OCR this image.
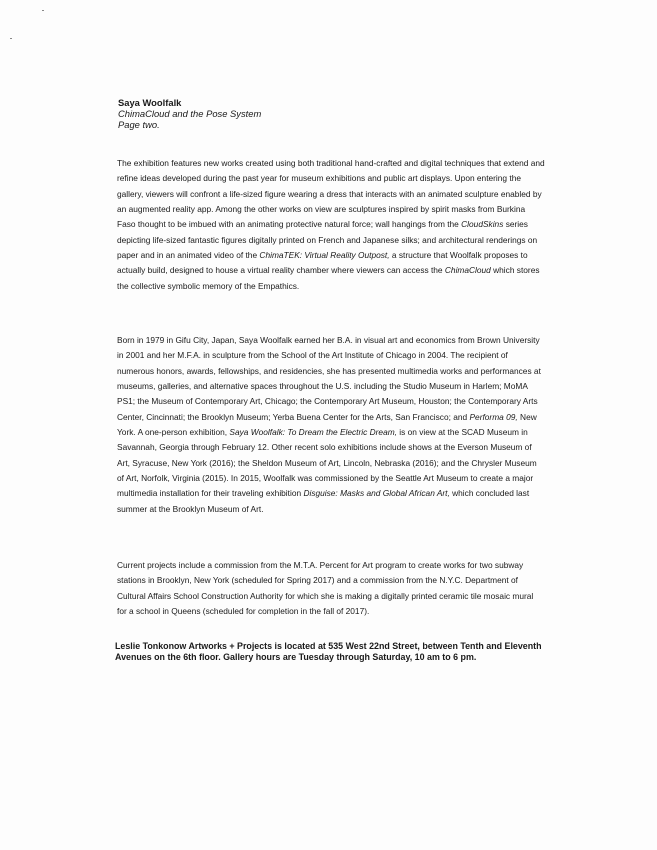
Saya Woolfalk
ChimaCloud and the Pose System
Page two.

The exhibition features new works created using both traditional hand-crafted and digital techniques that extend and refine ideas developed during the past year for museum exhibitions and public art displays. Upon entering the gallery, viewers will confront a life-sized figure wearing a dress that interacts with an animated sculpture enabled by an augmented reality app. Among the other works on view are sculptures inspired by spirit masks from Burkina Faso thought to be imbued with an animating protective natural force; wall hangings from the CloudSkins series depicting life-sized fantastic figures digitally printed on French and Japanese silks; and architectural renderings on paper and in an animated video of the ChimaTEK: Virtual Reality Outpost, a structure that Woolfalk proposes to actually build, designed to house a virtual reality chamber where viewers can access the ChimaCloud which stores the collective symbolic memory of the Empathics.

Born in 1979 in Gifu City, Japan, Saya Woolfalk earned her B.A. in visual art and economics from Brown University in 2001 and her M.F.A. in sculpture from the School of the Art Institute of Chicago in 2004. The recipient of numerous honors, awards, fellowships, and residencies, she has presented multimedia works and performances at museums, galleries, and alternative spaces throughout the U.S. including the Studio Museum in Harlem; MoMA PS1; the Museum of Contemporary Art, Chicago; the Contemporary Art Museum, Houston; the Contemporary Arts Center, Cincinnati; the Brooklyn Museum; Yerba Buena Center for the Arts, San Francisco; and Performa 09, New York. A one-person exhibition, Saya Woolfalk: To Dream the Electric Dream, is on view at the SCAD Museum in Savannah, Georgia through February 12. Other recent solo exhibitions include shows at the Everson Museum of Art, Syracuse, New York (2016); the Sheldon Museum of Art, Lincoln, Nebraska (2016); and the Chrysler Museum of Art, Norfolk, Virginia (2015). In 2015, Woolfalk was commissioned by the Seattle Art Museum to create a major multimedia installation for their traveling exhibition Disguise: Masks and Global African Art, which concluded last summer at the Brooklyn Museum of Art.

Current projects include a commission from the M.T.A. Percent for Art program to create works for two subway stations in Brooklyn, New York (scheduled for Spring 2017) and a commission from the N.Y.C. Department of Cultural Affairs School Construction Authority for which she is making a digitally printed ceramic tile mosaic mural for a school in Queens (scheduled for completion in the fall of 2017).

Leslie Tonkonow Artworks + Projects is located at 535 West 22nd Street, between Tenth and Eleventh Avenues on the 6th floor. Gallery hours are Tuesday through Saturday, 10 am to 6 pm.
